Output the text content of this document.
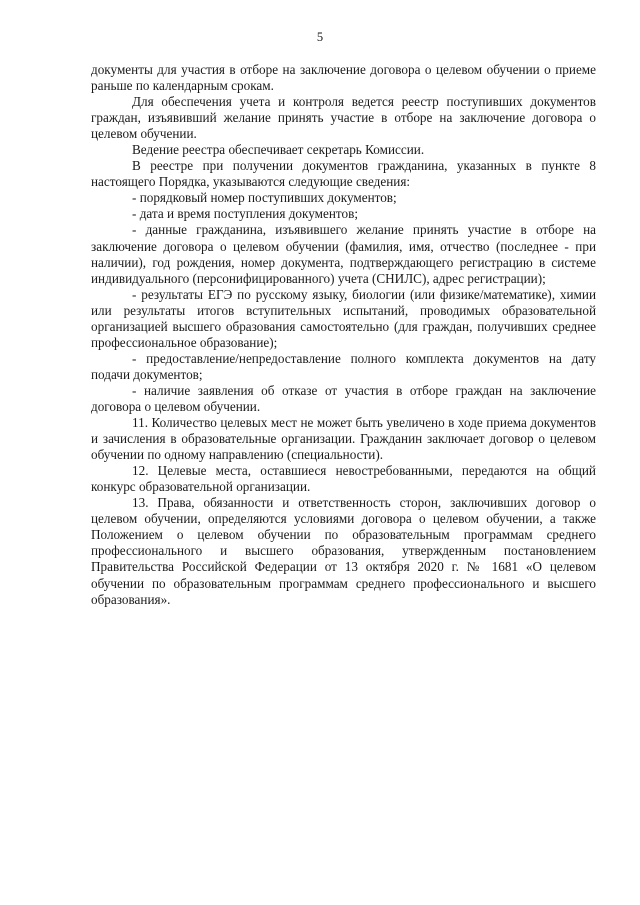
5

документы для участия в отборе на заключение договора о целевом обучении о приеме раньше по календарным срокам.

Для обеспечения учета и контроля ведется реестр поступивших документов граждан, изъявивший желание принять участие в отборе на заключение договора о целевом обучении.

Ведение реестра обеспечивает секретарь Комиссии.

В реестре при получении документов гражданина, указанных в пункте 8 настоящего Порядка, указываются следующие сведения:

- порядковый номер поступивших документов;

- дата и время поступления документов;

- данные гражданина, изъявившего желание принять участие в отборе на заключение договора о целевом обучении (фамилия, имя, отчество (последнее - при наличии), год рождения, номер документа, подтверждающего регистрацию в системе индивидуального (персонифицированного) учета (СНИЛС), адрес регистрации);

- результаты ЕГЭ по русскому языку, биологии (или физике/математике), химии или результаты итогов вступительных испытаний, проводимых образовательной организацией высшего образования самостоятельно (для граждан, получивших среднее профессиональное образование);

- предоставление/непредоставление полного комплекта документов на дату подачи документов;

- наличие заявления об отказе от участия в отборе граждан на заключение договора о целевом обучении.

11. Количество целевых мест не может быть увеличено в ходе приема документов и зачисления в образовательные организации. Гражданин заключает договор о целевом обучении по одному направлению (специальности).

12. Целевые места, оставшиеся невостребованными, передаются на общий конкурс образовательной организации.

13. Права, обязанности и ответственность сторон, заключивших договор о целевом обучении, определяются условиями договора о целевом обучении, а также Положением о целевом обучении по образовательным программам среднего профессионального и высшего образования, утвержденным постановлением Правительства Российской Федерации от 13 октября 2020 г. № 1681 «О целевом обучении по образовательным программам среднего профессионального и высшего образования».
